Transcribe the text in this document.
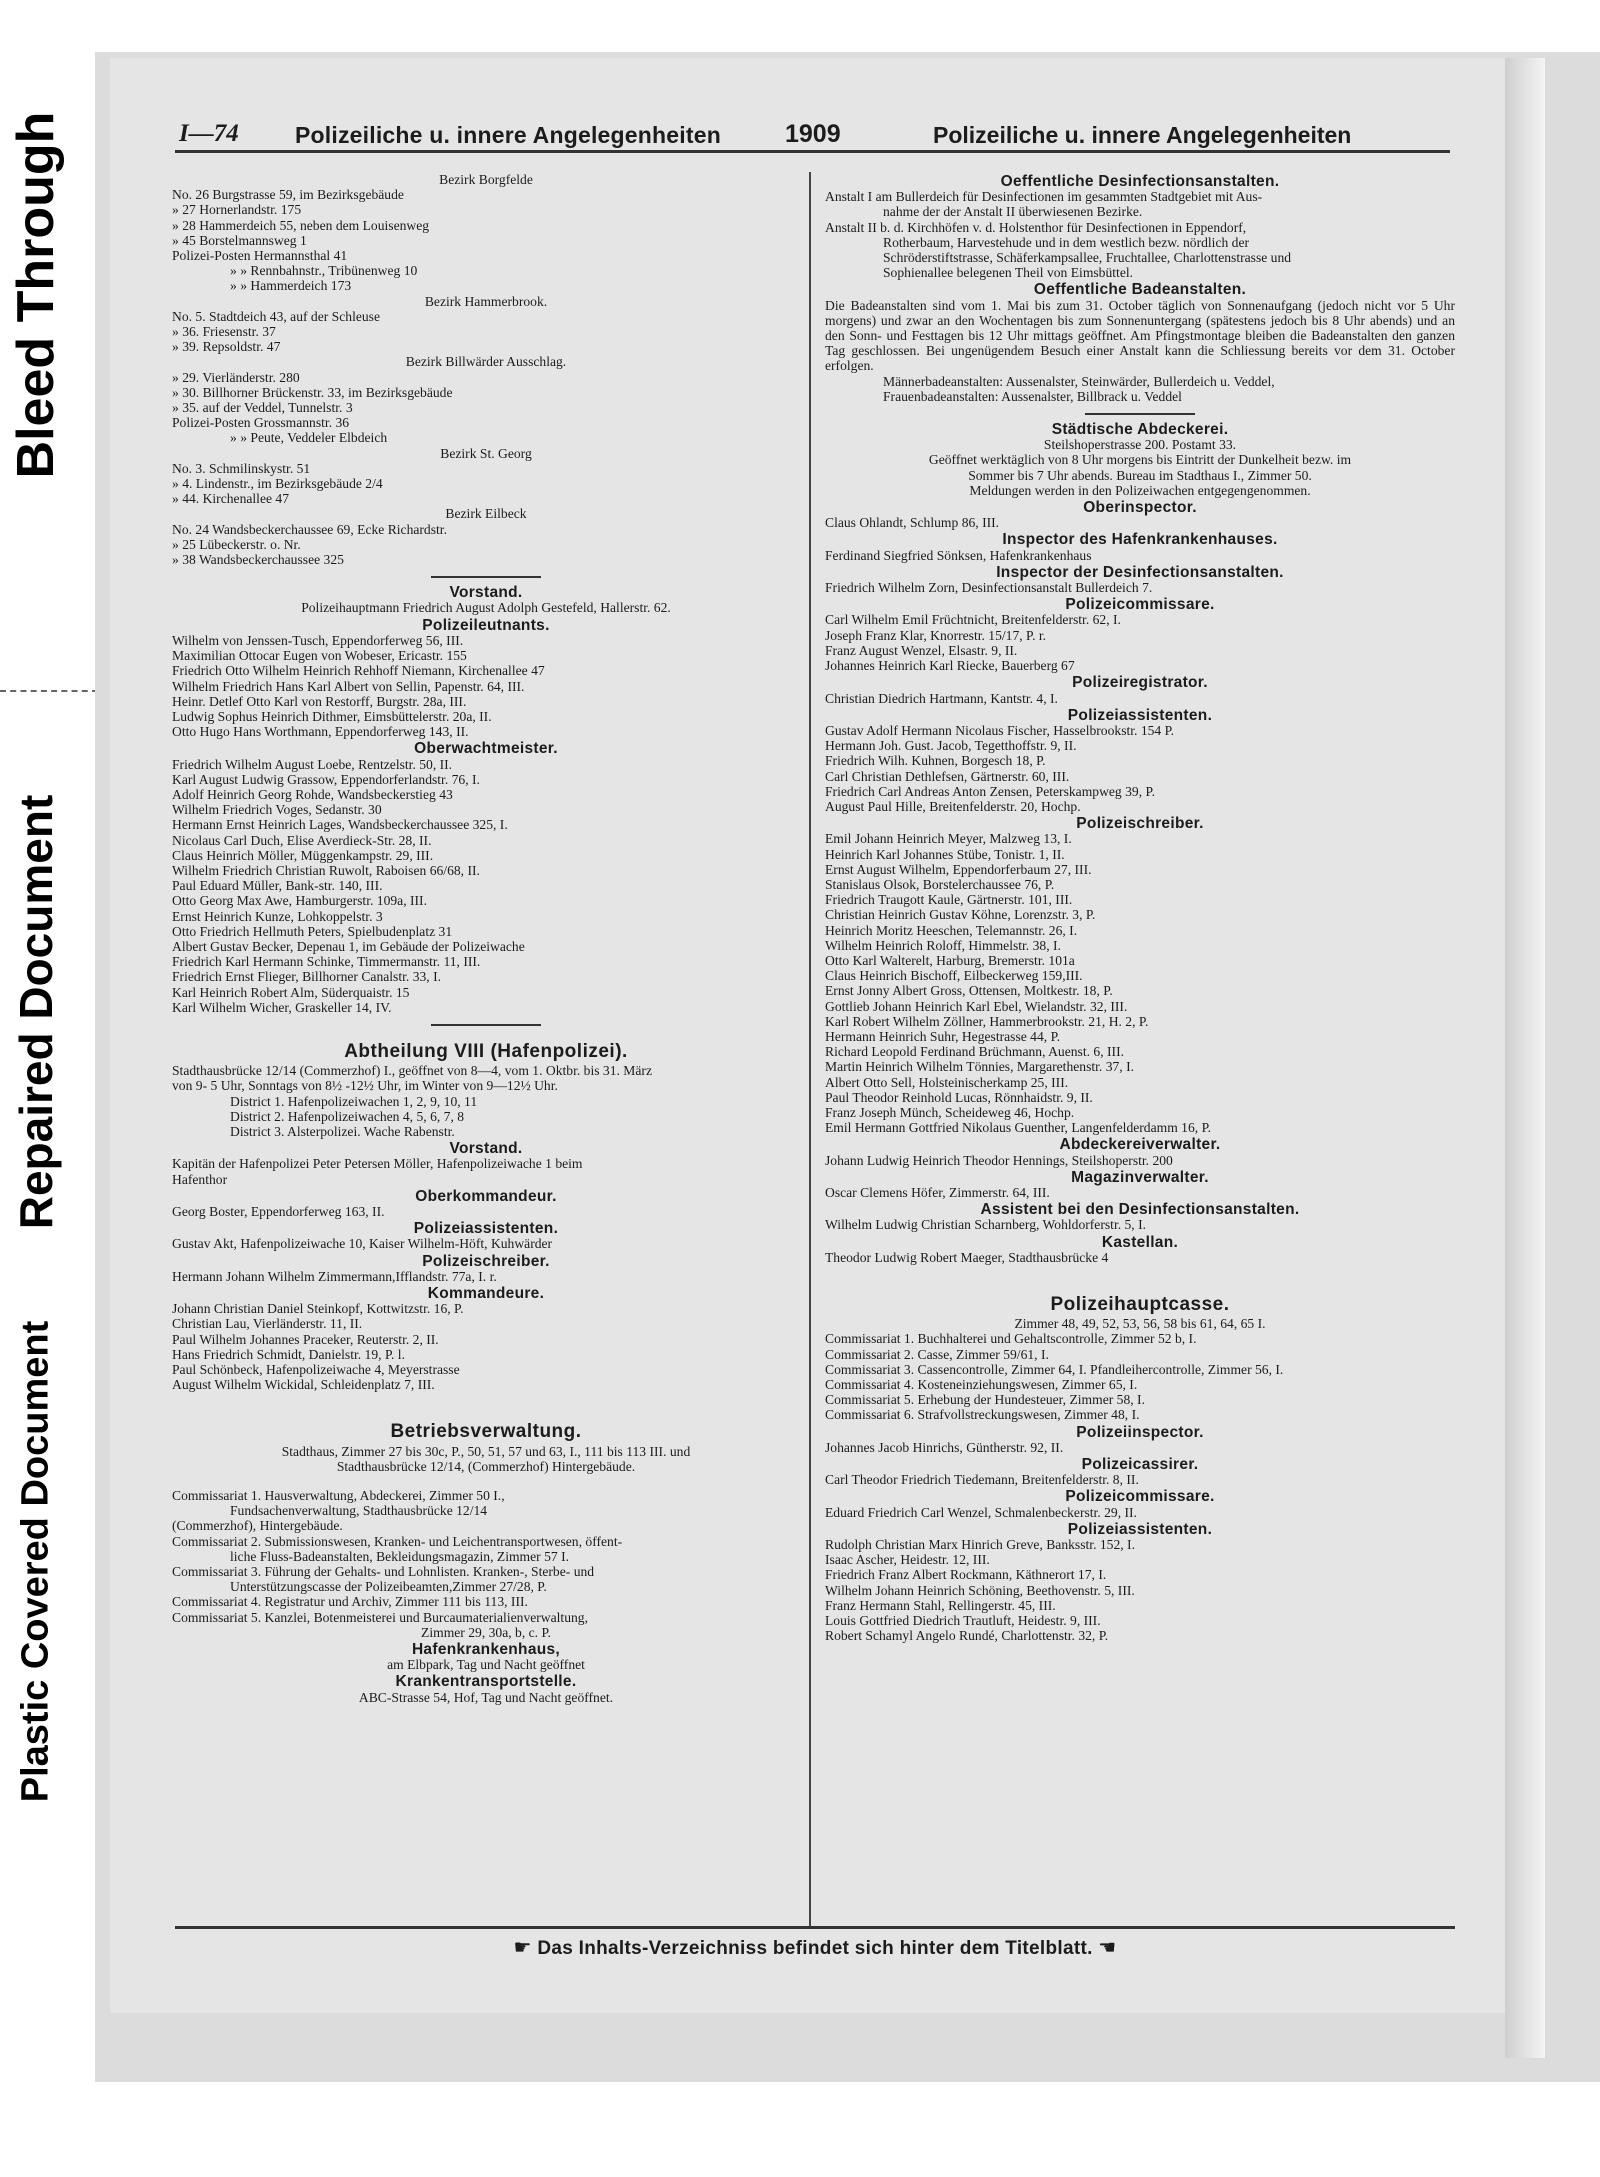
Bleed Through
Repaired Document
Plastic Covered Document
I—74 Polizeiliche u. innere Angelegenheiten	1909	Polizeiliche u. innere Angelegenheiten
Bezirk Borgfelde
No. 26 Burgstrasse 59, im Bezirksgebäude
» 27 Hornerlandstr. 175
» 28 Hammerdeich 55, neben dem Louisenweg
» 45 Borstelmannsweg 1
Polizei-Posten Hermannsthal 41
» » Rennbahnstr., Tribünenweg 10
» » Hammerdeich 173
Bezirk Hammerbrook.
No. 5. Stadtdeich 43, auf der Schleuse
» 36. Friesenstr. 37
» 39. Repsoldstr. 47
Bezirk Billwärder Ausschlag.
» 29. Vierländerstr. 280
» 30. Billhorner Brückenstr. 33, im Bezirksgebäude
» 35. auf der Veddel, Tunnelstr. 3
Polizei-Posten Grossmannstr. 36
» » Peute, Veddeler Elbdeich
Bezirk St. Georg
No. 3. Schmilinskystr. 51
» 4. Lindenstr., im Bezirksgebäude 2/4
» 44. Kirchenallee 47
Bezirk Eilbeck
No. 24 Wandsbeckerchaussee 69, Ecke Richardstr.
» 25 Lübeckerstr. o. Nr.
» 38 Wandsbeckerchaussee 325
Vorstand.
Polizeihauptmann Friedrich August Adolph Gestefeld, Hallerstr. 62.
Polizeileutnants.
Wilhelm von Jenssen-Tusch, Eppendorferweg 56, III.
Maximilian Ottocar Eugen von Wobeser, Ericastr. 155
Friedrich Otto Wilhelm Heinrich Rehhoff Niemann, Kirchenallee 47
Wilhelm Friedrich Hans Karl Albert von Sellin, Papenstr. 64, III.
Heinr. Detlef Otto Karl von Restorff, Burgstr. 28a, III.
Ludwig Sophus Heinrich Dithmer, Eimsbüttelerstr. 20a, II.
Otto Hugo Hans Worthmann, Eppendorferweg 143, II.
Oberwachtmeister.
Friedrich Wilhelm August Loebe, Rentzelstr. 50, II.
Karl August Ludwig Grassow, Eppendorferlandstr. 76, I.
Adolf Heinrich Georg Rohde, Wandsbeckerstieg 43
Wilhelm Friedrich Voges, Sedanstr. 30
Hermann Ernst Heinrich Lages, Wandsbeckerchaussee 325, I.
Nicolaus Carl Duch, Elise Averdieck-Str. 28, II.
Claus Heinrich Möller, Müggenkampstr. 29, III.
Wilhelm Friedrich Christian Ruwolt, Raboisen 66/68, II.
Paul Eduard Müller, Bank-str. 140, III.
Otto Georg Max Awe, Hamburgerstr. 109a, III.
Ernst Heinrich Kunze, Lohkoppelstr. 3
Otto Friedrich Hellmuth Peters, Spielbudenplatz 31
Albert Gustav Becker, Depenau 1, im Gebäude der Polizeiwache
Friedrich Karl Hermann Schinke, Timmermanstr. 11, III.
Friedrich Ernst Flieger, Billhorner Canalstr. 33, I.
Karl Heinrich Robert Alm, Süderquaistr. 15
Karl Wilhelm Wicher, Graskeller 14, IV.
Abtheilung VIII (Hafenpolizei).
Stadthausbrücke 12/14 (Commerzhof) I., geöffnet von 8—4, vom 1. Oktbr. bis 31. März
von 9- 5 Uhr, Sonntags von 8½ -12½ Uhr, im Winter von 9—12½ Uhr.
District 1. Hafenpolizeiwachen 1, 2, 9, 10, 11
District 2. Hafenpolizeiwachen 4, 5, 6, 7, 8
District 3. Alsterpolizei. Wache Rabenstr.
Vorstand.
Kapitän der Hafenpolizei Peter Petersen Möller, Hafenpolizeiwache 1 beim
Hafenthor
Oberkommandeur.
Georg Boster, Eppendorferweg 163, II.
Polizeiassistenten.
Gustav Akt, Hafenpolizeiwache 10, Kaiser Wilhelm-Höft, Kuhwärder
Polizeischreiber.
Hermann Johann Wilhelm Zimmermann,Ifflandstr. 77a, I. r.
Kommandeure.
Johann Christian Daniel Steinkopf, Kottwitzstr. 16, P.
Christian Lau, Vierländerstr. 11, II.
Paul Wilhelm Johannes Praceker, Reuterstr. 2, II.
Hans Friedrich Schmidt, Danielstr. 19, P. l.
Paul Schönbeck, Hafenpolizeiwache 4, Meyerstrasse
August Wilhelm Wickidal, Schleidenplatz 7, III.
Betriebsverwaltung.
Stadthaus, Zimmer 27 bis 30c, P., 50, 51, 57 und 63, I., 111 bis 113 III. und
Stadthausbrücke 12/14, (Commerzhof) Hintergebäude.
Commissariat 1. Hausverwaltung, Abdeckerei, Zimmer 50 I.,
Fundsachenverwaltung, Stadthausbrücke 12/14
(Commerzhof), Hintergebäude.
Commissariat 2. Submissionswesen, Kranken- und Leichentransportwesen, öffent-
liche Fluss-Badeanstalten, Bekleidungsmagazin, Zimmer 57 I.
Commissariat 3. Führung der Gehalts- und Lohnlisten. Kranken-, Sterbe- und
Unterstützungscasse der Polizeibeamten,Zimmer 27/28, P.
Commissariat 4. Registratur und Archiv, Zimmer 111 bis 113, III.
Commissariat 5. Kanzlei, Botenmeisterei und Burcaumaterialienverwaltung,
Zimmer 29, 30a, b, c. P.
Hafenkrankenhaus,
am Elbpark, Tag und Nacht geöffnet
Krankentransportstelle.
ABC-Strasse 54, Hof, Tag und Nacht geöffnet.
Oeffentliche Desinfectionsanstalten.
Anstalt I am Bullerdeich für Desinfectionen im gesammten Stadtgebiet mit Aus-
nahme der der Anstalt II überwiesenen Bezirke.
Anstalt II b. d. Kirchhöfen v. d. Holstenthor für Desinfectionen in Eppendorf,
Rotherbaum, Harvestehude und in dem westlich bezw. nördlich der
Schröderstiftstrasse, Schäferkampsallee, Fruchtallee, Charlottenstrasse und
Sophienallee belegenen Theil von Eimsbüttel.
Oeffentliche Badeanstalten.
Die Badeanstalten sind vom 1. Mai bis zum 31. October täglich von Sonnenaufgang (jedoch nicht vor 5 Uhr morgens) und zwar an den Wochentagen bis zum Sonnenuntergang (spätestens jedoch bis 8 Uhr abends) und an den Sonn- und Festtagen bis 12 Uhr mittags geöffnet. Am Pfingstmontage bleiben die Badeanstalten den ganzen Tag geschlossen. Bei ungenügendem Besuch einer Anstalt kann die Schliessung bereits vor dem 31. October erfolgen.
Männerbadeanstalten: Aussenalster, Steinwärder, Bullerdeich u. Veddel,
Frauenbadeanstalten: Aussenalster, Billbrack u. Veddel
Städtische Abdeckerei.
Steilshoperstrasse 200. Postamt 33.
Geöffnet werktäglich von 8 Uhr morgens bis Eintritt der Dunkelheit bezw. im
Sommer bis 7 Uhr abends. Bureau im Stadthaus I., Zimmer 50.
Meldungen werden in den Polizeiwachen entgegengenommen.
Oberinspector.
Claus Ohlandt, Schlump 86, III.
Inspector des Hafenkrankenhauses.
Ferdinand Siegfried Sönksen, Hafenkrankenhaus
Inspector der Desinfectionsanstalten.
Friedrich Wilhelm Zorn, Desinfectionsanstalt Bullerdeich 7.
Polizeicommissare.
Carl Wilhelm Emil Früchtnicht, Breitenfelderstr. 62, I.
Joseph Franz Klar, Knorrestr. 15/17, P. r.
Franz August Wenzel, Elsastr. 9, II.
Johannes Heinrich Karl Riecke, Bauerberg 67
Polizeiregistrator.
Christian Diedrich Hartmann, Kantstr. 4, I.
Polizeiassistenten.
Gustav Adolf Hermann Nicolaus Fischer, Hasselbrookstr. 154 P.
Hermann Joh. Gust. Jacob, Tegetthoffstr. 9, II.
Friedrich Wilh. Kuhnen, Borgesch 18, P.
Carl Christian Dethlefsen, Gärtnerstr. 60, III.
Friedrich Carl Andreas Anton Zensen, Peterskampweg 39, P.
August Paul Hille, Breitenfelderstr. 20, Hochp.
Polizeischreiber.
Emil Johann Heinrich Meyer, Malzweg 13, I.
Heinrich Karl Johannes Stübe, Tonistr. 1, II.
Ernst August Wilhelm, Eppendorferbaum 27, III.
Stanislaus Olsok, Borstelerchaussee 76, P.
Friedrich Traugott Kaule, Gärtnerstr. 101, III.
Christian Heinrich Gustav Köhne, Lorenzstr. 3, P.
Heinrich Moritz Heeschen, Telemannstr. 26, I.
Wilhelm Heinrich Roloff, Himmelstr. 38, I.
Otto Karl Walterelt, Harburg, Bremerstr. 101a
Claus Heinrich Bischoff, Eilbeckerweg 159,III.
Ernst Jonny Albert Gross, Ottensen, Moltkestr. 18, P.
Gottlieb Johann Heinrich Karl Ebel, Wielandstr. 32, III.
Karl Robert Wilhelm Zöllner, Hammerbrookstr. 21, H. 2, P.
Hermann Heinrich Suhr, Hegestrasse 44, P.
Richard Leopold Ferdinand Brüchmann, Auenst. 6, III.
Martin Heinrich Wilhelm Tönnies, Margarethenstr. 37, I.
Albert Otto Sell, Holsteinischerkamp 25, III.
Paul Theodor Reinhold Lucas, Rönnhaidstr. 9, II.
Franz Joseph Münch, Scheideweg 46, Hochp.
Emil Hermann Gottfried Nikolaus Guenther, Langenfelderdamm 16, P.
Abdeckereiverwalter.
Johann Ludwig Heinrich Theodor Hennings, Steilshoperstr. 200
Magazinverwalter.
Oscar Clemens Höfer, Zimmerstr. 64, III.
Assistent bei den Desinfectionsanstalten.
Wilhelm Ludwig Christian Scharnberg, Wohldorferstr. 5, I.
Kastellan.
Theodor Ludwig Robert Maeger, Stadthausbrücke 4
Polizeihauptcasse.
Zimmer 48, 49, 52, 53, 56, 58 bis 61, 64, 65 I.
Commissariat 1. Buchhalterei und Gehaltscontrolle, Zimmer 52 b, I.
Commissariat 2. Casse, Zimmer 59/61, I.
Commissariat 3. Cassencontrolle, Zimmer 64, I. Pfandleihercontrolle, Zimmer 56, I.
Commissariat 4. Kosteneinziehungswesen, Zimmer 65, I.
Commissariat 5. Erhebung der Hundesteuer, Zimmer 58, I.
Commissariat 6. Strafvollstreckungswesen, Zimmer 48, I.
Polizeiinspector.
Johannes Jacob Hinrichs, Güntherstr. 92, II.
Polizeicassirer.
Carl Theodor Friedrich Tiedemann, Breitenfelderstr. 8, II.
Polizeicommissare.
Eduard Friedrich Carl Wenzel, Schmalenbeckerstr. 29, II.
Polizeiassistenten.
Rudolph Christian Marx Hinrich Greve, Banksstr. 152, I.
Isaac Ascher, Heidestr. 12, III.
Friedrich Franz Albert Rockmann, Käthnerort 17, I.
Wilhelm Johann Heinrich Schöning, Beethovenstr. 5, III.
Franz Hermann Stahl, Rellingerstr. 45, III.
Louis Gottfried Diedrich Trautluft, Heidestr. 9, III.
Robert Schamyl Angelo Rundé, Charlottenstr. 32, P.
☛ Das Inhalts-Verzeichniss befindet sich hinter dem Titelblatt. ☚
